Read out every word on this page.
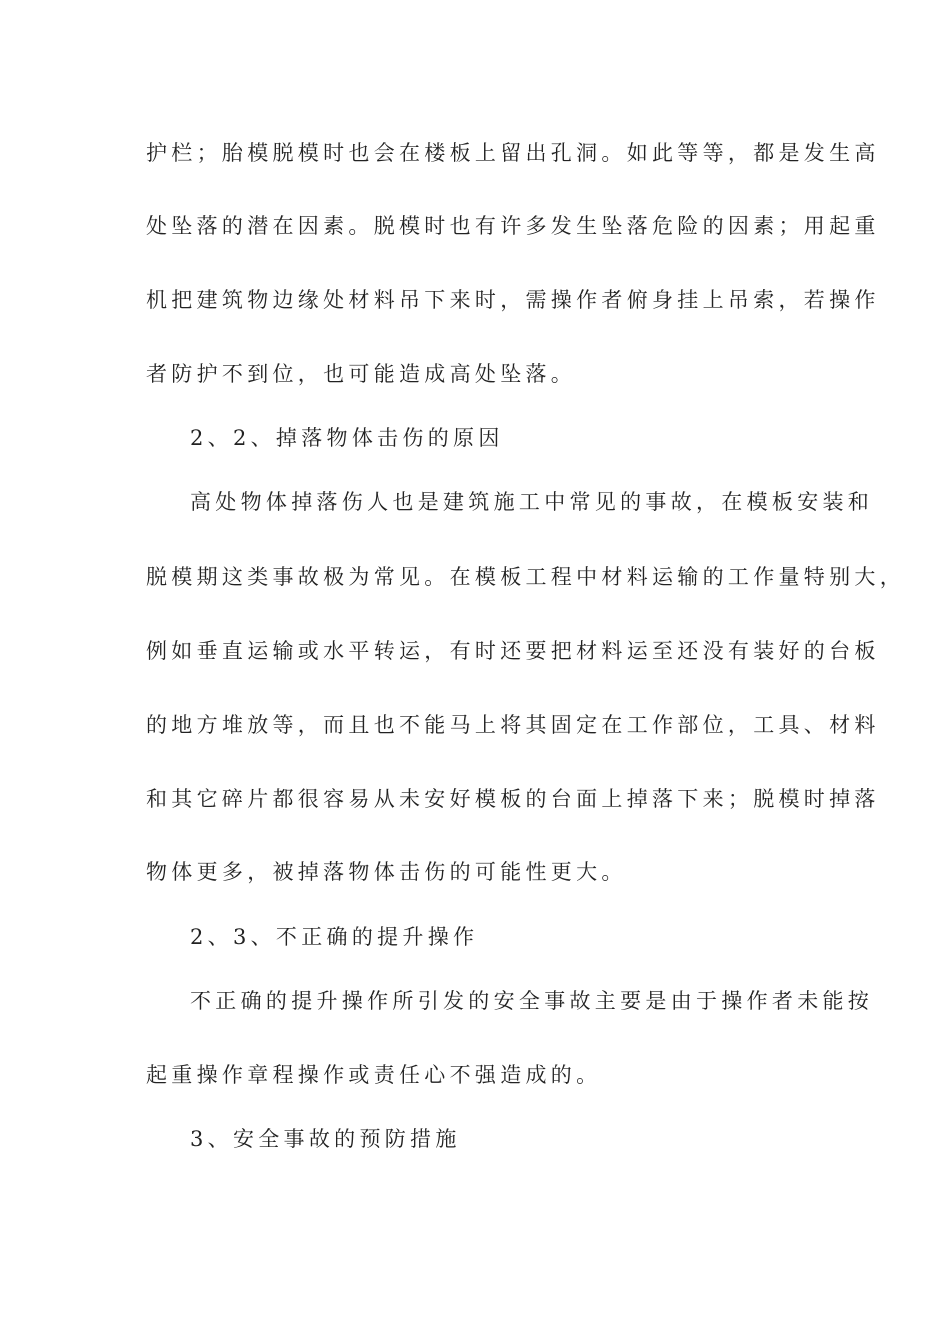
护栏；胎模脱模时也会在楼板上留出孔洞。如此等等，都是发生高
处坠落的潜在因素。脱模时也有许多发生坠落危险的因素；用起重
机把建筑物边缘处材料吊下来时，需操作者俯身挂上吊索，若操作
者防护不到位，也可能造成高处坠落。
2、2、掉落物体击伤的原因
高处物体掉落伤人也是建筑施工中常见的事故，在模板安装和
脱模期这类事故极为常见。在模板工程中材料运输的工作量特别大，
例如垂直运输或水平转运，有时还要把材料运至还没有装好的台板
的地方堆放等，而且也不能马上将其固定在工作部位，工具、材料
和其它碎片都很容易从未安好模板的台面上掉落下来；脱模时掉落
物体更多，被掉落物体击伤的可能性更大。
2、3、不正确的提升操作
不正确的提升操作所引发的安全事故主要是由于操作者未能按
起重操作章程操作或责任心不强造成的。
3、安全事故的预防措施
